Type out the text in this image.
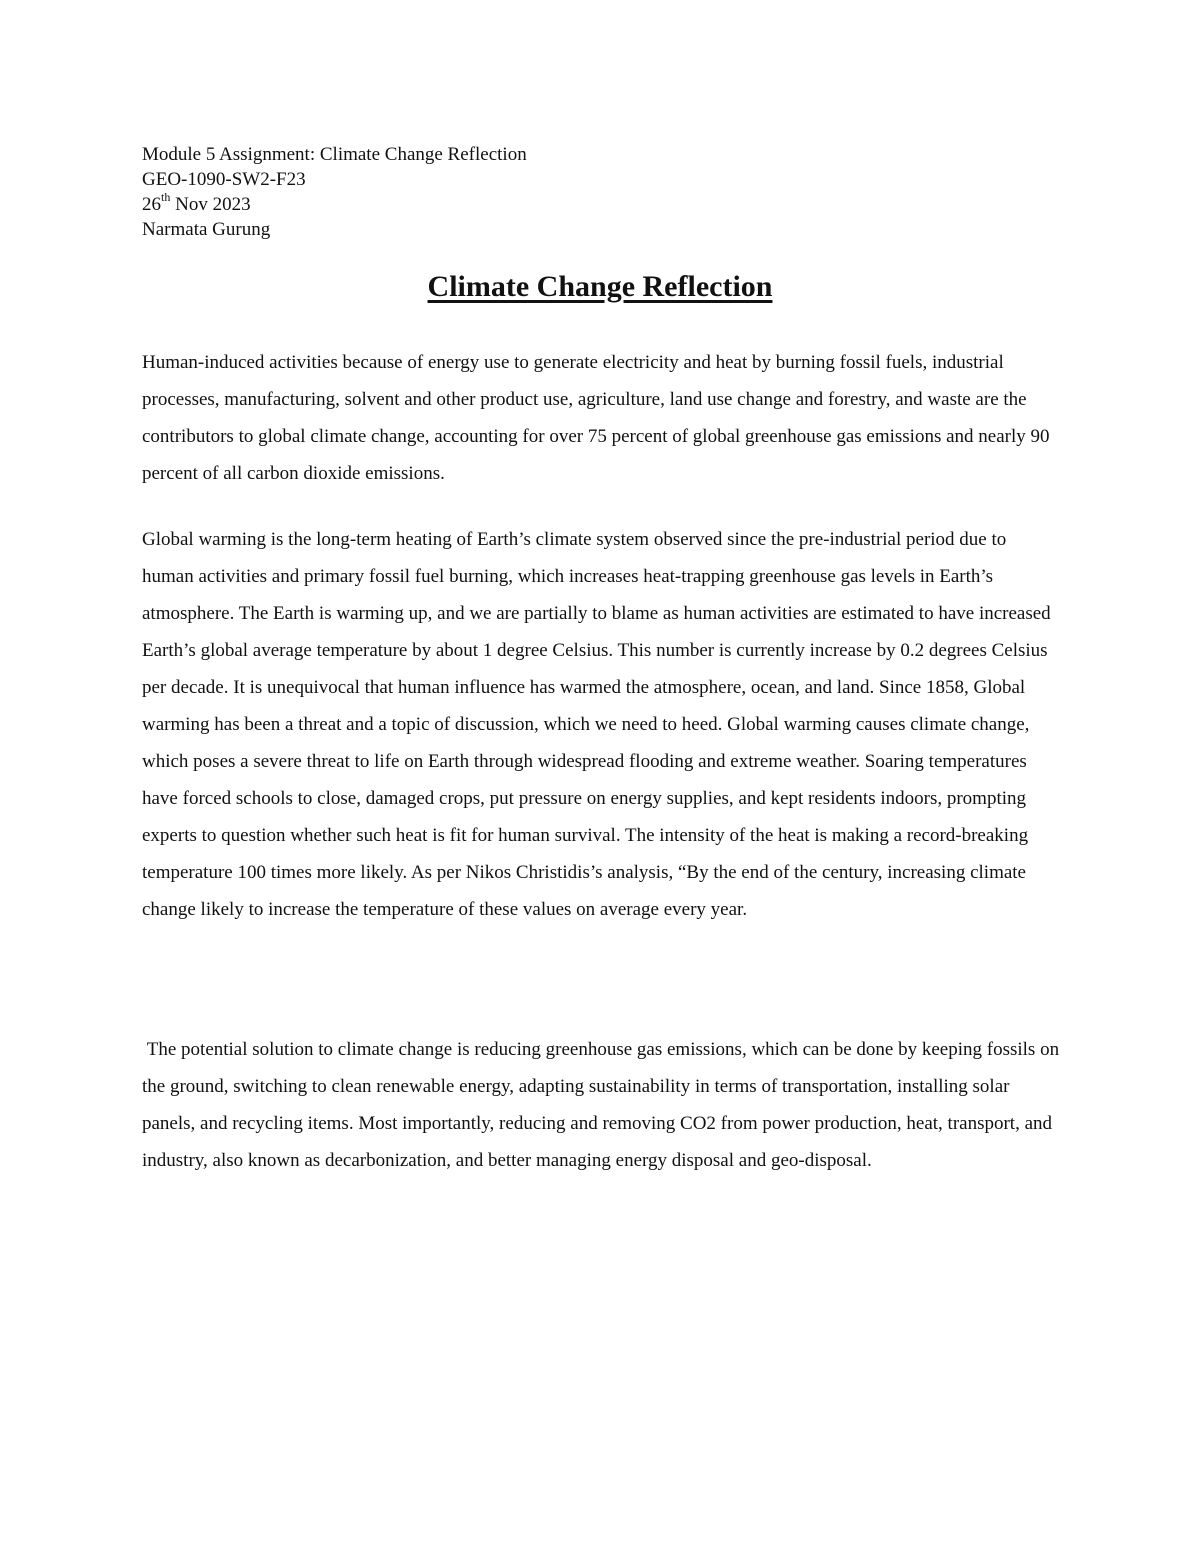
Module 5 Assignment: Climate Change Reflection
GEO-1090-SW2-F23
26th Nov 2023
Narmata Gurung
Climate Change Reflection

Human-induced activities because of energy use to generate electricity and heat by burning fossil fuels, industrial processes, manufacturing, solvent and other product use, agriculture, land use change and forestry, and waste are the contributors to global climate change, accounting for over 75 percent of global greenhouse gas emissions and nearly 90 percent of all carbon dioxide emissions.

Global warming is the long-term heating of Earth’s climate system observed since the pre-industrial period due to human activities and primary fossil fuel burning, which increases heat-trapping greenhouse gas levels in Earth’s atmosphere. The Earth is warming up, and we are partially to blame as human activities are estimated to have increased Earth’s global average temperature by about 1 degree Celsius. This number is currently increase by 0.2 degrees Celsius per decade. It is unequivocal that human influence has warmed the atmosphere, ocean, and land. Since 1858, Global warming has been a threat and a topic of discussion, which we need to heed. Global warming causes climate change, which poses a severe threat to life on Earth through widespread flooding and extreme weather. Soaring temperatures have forced schools to close, damaged crops, put pressure on energy supplies, and kept residents indoors, prompting experts to question whether such heat is fit for human survival. The intensity of the heat is making a record-breaking temperature 100 times more likely. As per Nikos Christidis’s analysis, “By the end of the century, increasing climate change likely to increase the temperature of these values on average every year.

The potential solution to climate change is reducing greenhouse gas emissions, which can be done by keeping fossils on the ground, switching to clean renewable energy, adapting sustainability in terms of transportation, installing solar panels, and recycling items. Most importantly, reducing and removing CO2 from power production, heat, transport, and industry, also known as decarbonization, and better managing energy disposal and geo-disposal.
